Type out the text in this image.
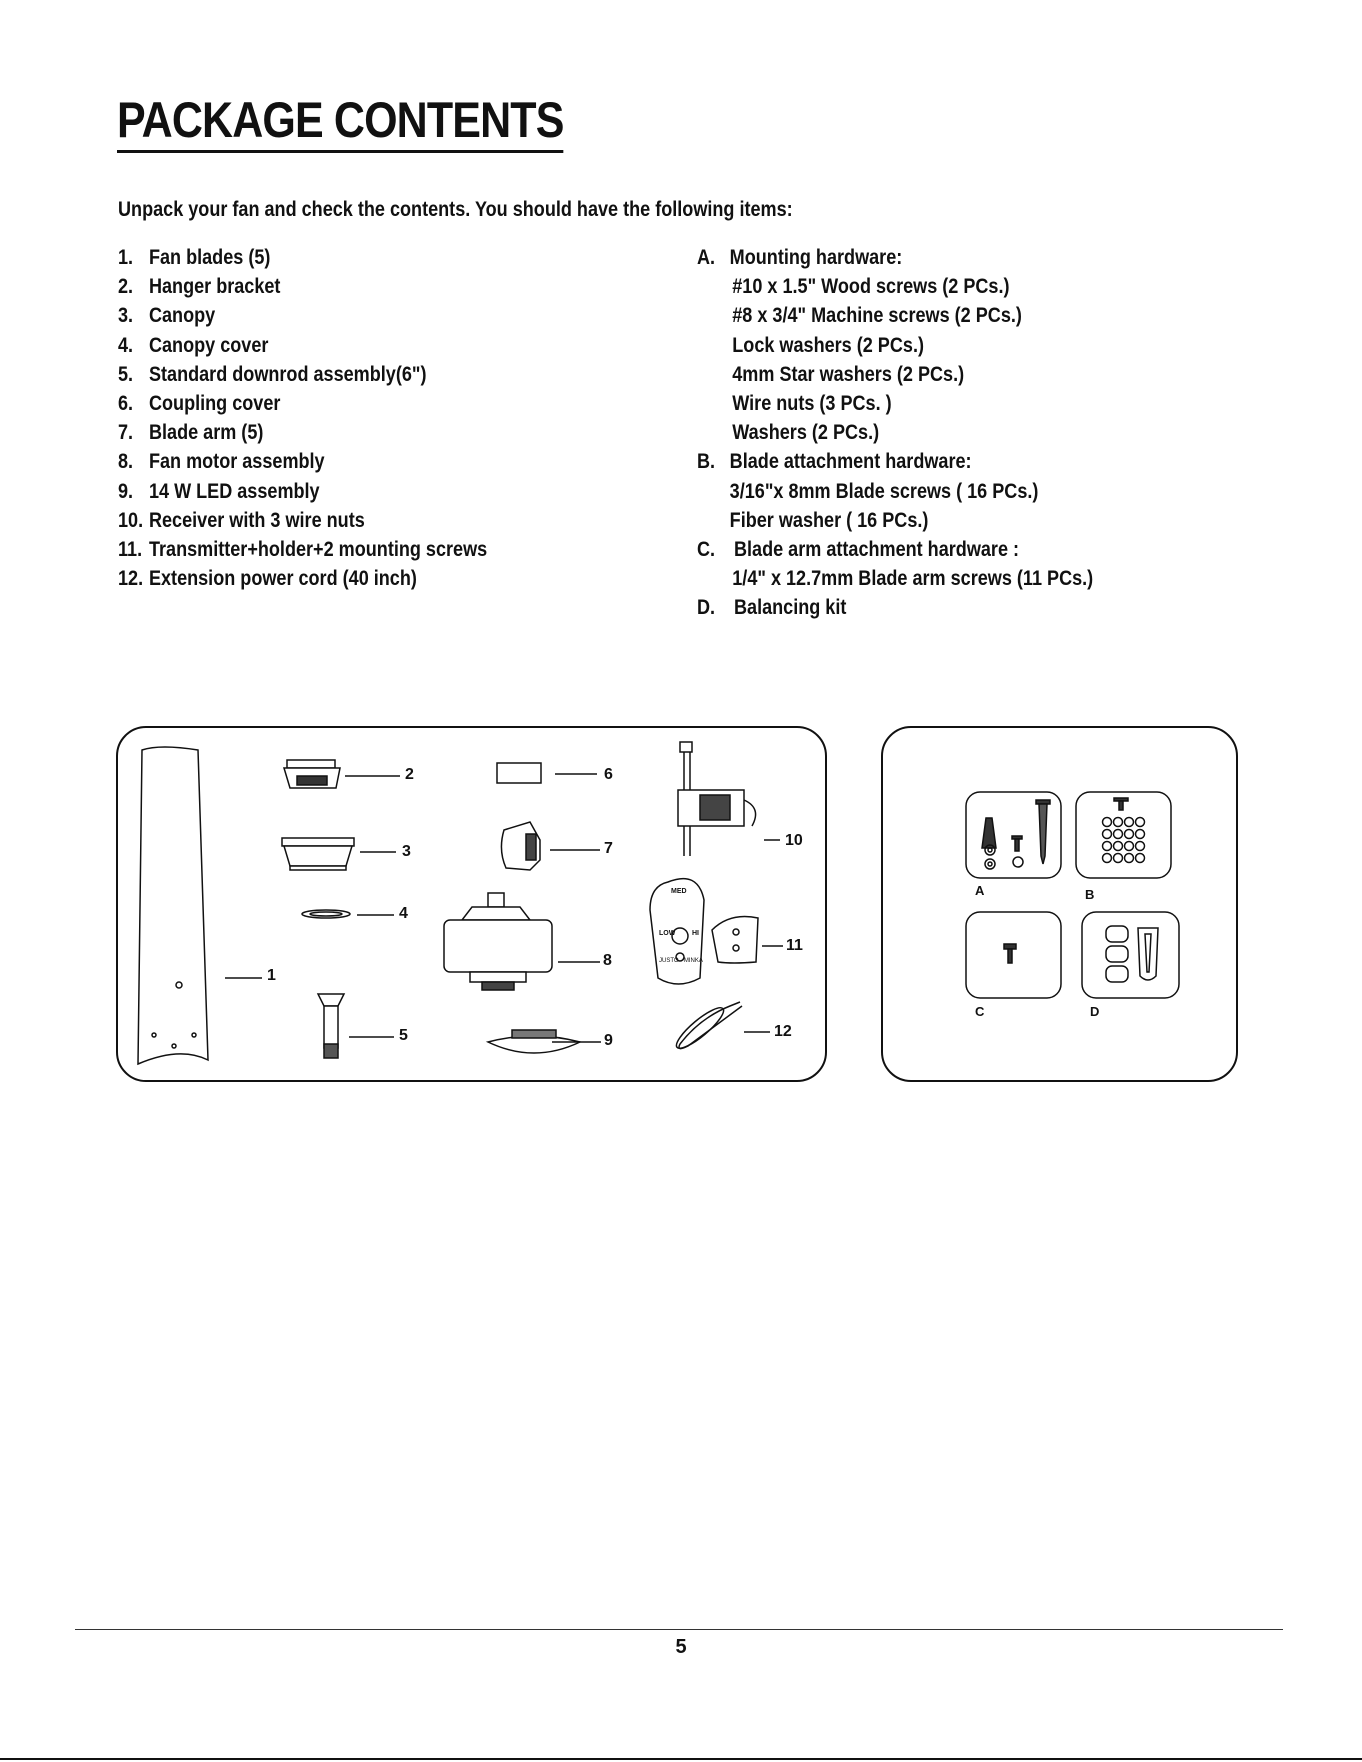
PACKAGE CONTENTS
Unpack your fan and check the contents. You should have the following items:
1. Fan blades (5)
2. Hanger bracket
3. Canopy
4. Canopy cover
5. Standard downrod assembly(6")
6. Coupling cover
7. Blade arm (5)
8. Fan motor assembly
9. 14 W LED assembly
10. Receiver with 3 wire nuts
11. Transmitter+holder+2 mounting screws
12. Extension power cord (40 inch)
A. Mounting hardware:
#10 x 1.5" Wood screws (2 PCs.)
#8 x 3/4" Machine screws (2 PCs.)
Lock washers (2 PCs.)
4mm Star washers (2 PCs.)
Wire nuts (3 PCs. )
Washers (2 PCs.)
B. Blade attachment hardware:
3/16"x 8mm Blade screws ( 16 PCs.)
Fiber washer ( 16 PCs.)
C. Blade arm attachment hardware :
1/4" x 12.7mm Blade arm screws (11 PCs.)
D. Balancing kit
MED
LOW HI
JUSTO · MINKA
1
2
3
4
5
6
7
8
9
10
11
12
A	B
C	D
5
